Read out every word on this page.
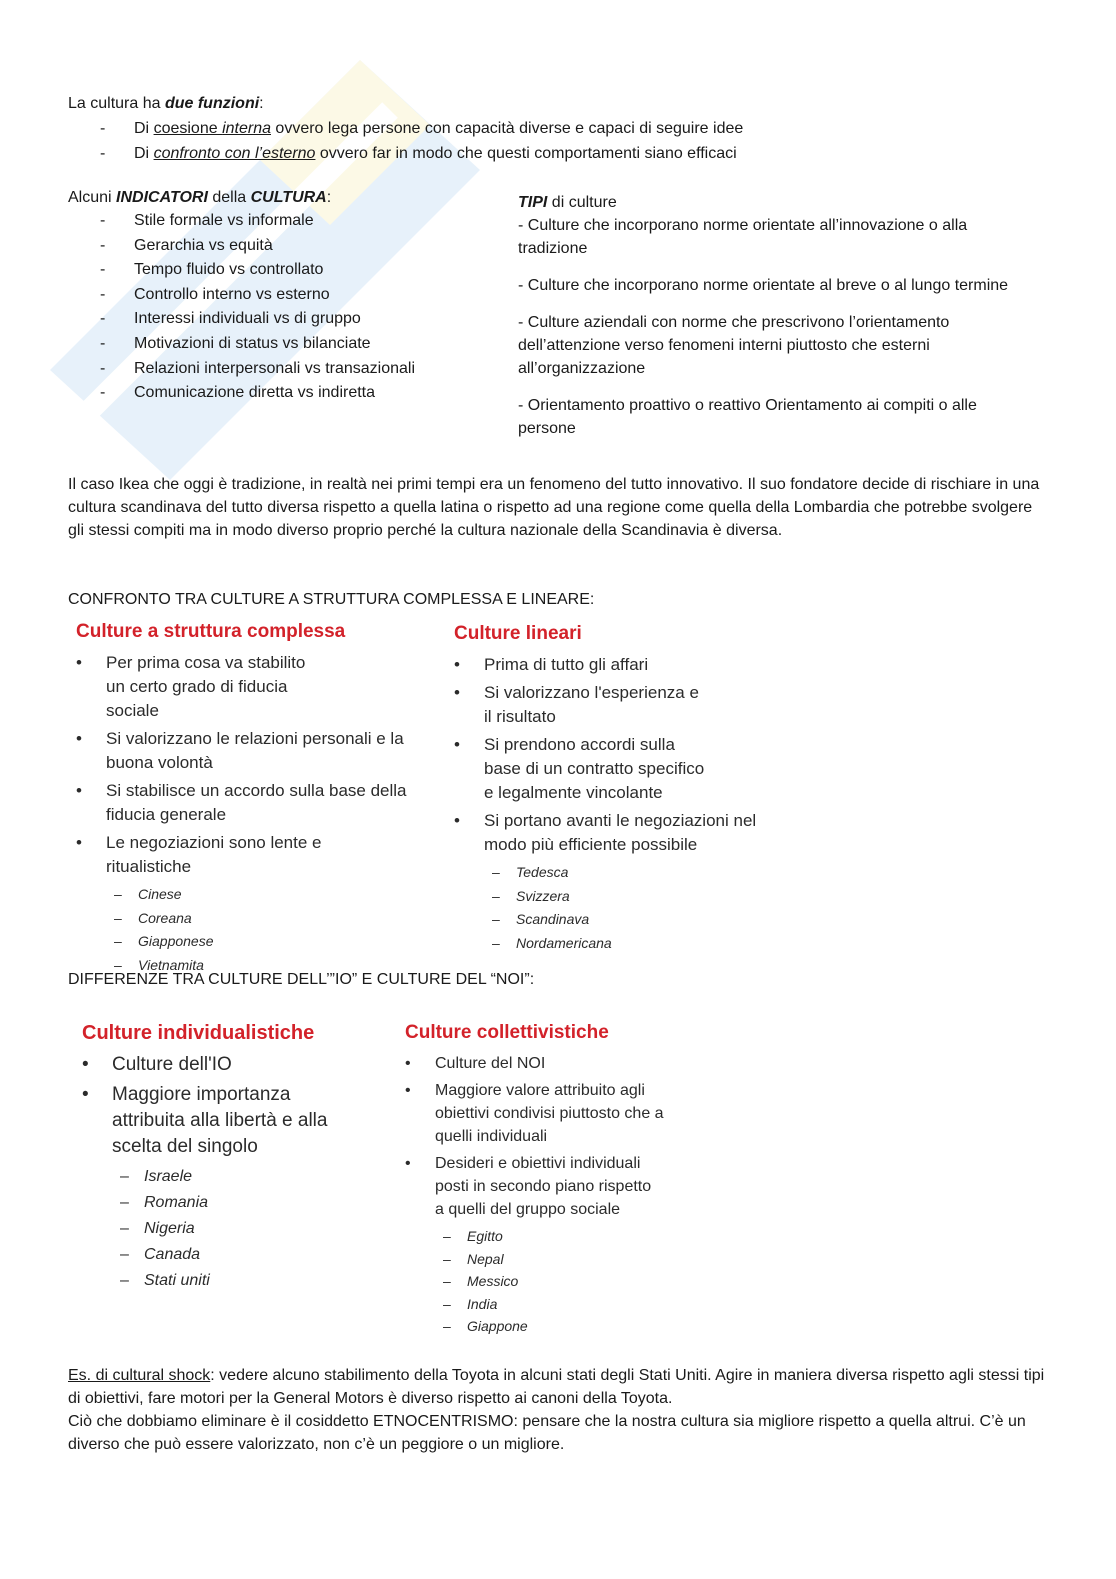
La cultura ha due funzioni:
- Di coesione interna ovvero lega persone con capacità diverse e capaci di seguire idee
- Di confronto con l’esterno ovvero far in modo che questi comportamenti siano efficaci
Alcuni INDICATORI della CULTURA:
- Stile formale vs informale
- Gerarchia vs equità
- Tempo fluido vs controllato
- Controllo interno vs esterno
- Interessi individuali vs di gruppo
- Motivazioni di status vs bilanciate
- Relazioni interpersonali vs transazionali
- Comunicazione diretta vs indiretta
TIPI di culture

- Culture che incorporano norme orientate all’innovazione o alla tradizione

- Culture che incorporano norme orientate al breve o al lungo termine

- Culture aziendali con norme che prescrivono l’orientamento dell’attenzione verso fenomeni interni piuttosto che esterni all’organizzazione

- Orientamento proattivo o reattivo Orientamento ai compiti o alle persone

Il caso Ikea che oggi è tradizione, in realtà nei primi tempi era un fenomeno del tutto innovativo. Il suo fondatore decide di rischiare in una cultura scandinava del tutto diversa rispetto a quella latina o rispetto ad una regione come quella della Lombardia che potrebbe svolgere gli stessi compiti ma in modo diverso proprio perché la cultura nazionale della Scandinavia è diversa.

CONFRONTO TRA CULTURE A STRUTTURA COMPLESSA E LINEARE:
Culture a struttura complessa
• Per prima cosa va stabilito un certo grado di fiducia sociale
• Si valorizzano le relazioni personali e la buona volontà
• Si stabilisce un accordo sulla base della fiducia generale
• Le negoziazioni sono lente e ritualistiche
– Cinese
– Coreana
– Giapponese
– Vietnamita
Culture lineari
• Prima di tutto gli affari
• Si valorizzano l'esperienza e il risultato
• Si prendono accordi sulla base di un contratto specifico e legalmente vincolante
• Si portano avanti le negoziazioni nel modo più efficiente possibile
– Tedesca
– Svizzera
– Scandinava
– Nordamericana
DIFFERENZE TRA CULTURE DELL’”IO” E CULTURE DEL “NOI”:
Culture individualistiche
• Culture dell'IO
• Maggiore importanza attribuita alla libertà e alla scelta del singolo
– Israele
– Romania
– Nigeria
– Canada
– Stati uniti
Culture collettivistiche
• Culture del NOI
• Maggiore valore attribuito agli obiettivi condivisi piuttosto che a quelli individuali
• Desideri e obiettivi individuali posti in secondo piano rispetto a quelli del gruppo sociale
– Egitto
– Nepal
– Messico
– India
– Giappone

Es. di cultural shock: vedere alcuno stabilimento della Toyota in alcuni stati degli Stati Uniti. Agire in maniera diversa rispetto agli stessi tipi di obiettivi, fare motori per la General Motors è diverso rispetto ai canoni della Toyota.

Ciò che dobbiamo eliminare è il cosiddetto ETNOCENTRISMO: pensare che la nostra cultura sia migliore rispetto a quella altrui. C’è un diverso che può essere valorizzato, non c’è un peggiore o un migliore.
